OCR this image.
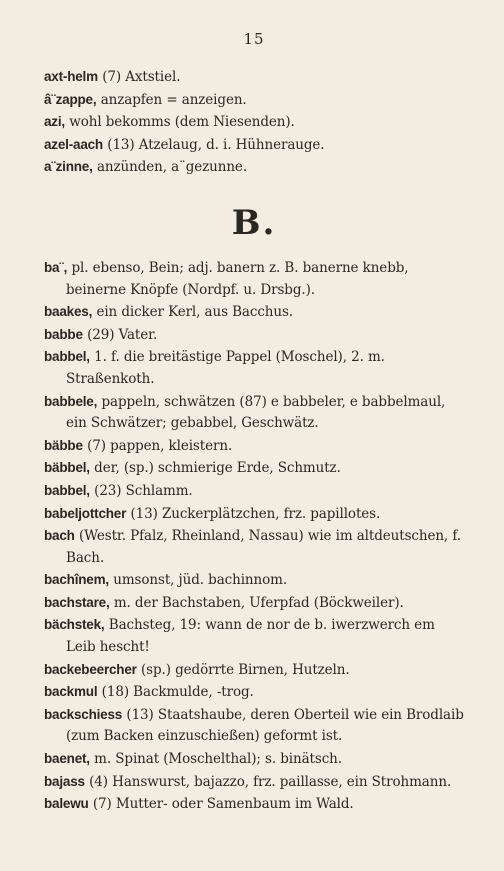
15

axt-helm (7) Axtstiel.

â¨zappe, anzapfen = anzeigen.

azi, wohl bekomms (dem Niesenden).

azel-aach (13) Atzelaug, d. i. Hühnerauge.

a¨zinne, anzünden, a¨gezunne.

B.

ba¨, pl. ebenso, Bein; adj. banern z. B. banerne knebb, beinerne Knöpfe (Nordpf. u. Drsbg.).

baakes, ein dicker Kerl, aus Bacchus.

babbe (29) Vater.

babbel, 1. f. die breitästige Pappel (Moschel), 2. m. Straßenkoth.

babbele, pappeln, schwätzen (87) e babbeler, e babbelmaul, ein Schwätzer; gebabbel, Geschwätz.

bäbbe (7) pappen, kleistern.

bäbbel, der, (sp.) schmierige Erde, Schmutz.

babbel, (23) Schlamm.

babeljottcher (13) Zuckerplätzchen, frz. papillotes.

bach (Westr. Pfalz, Rheinland, Nassau) wie im altdeutschen, f. Bach.

bachînem, umsonst, jüd. bachinnom.

bachstare, m. der Bachstaben, Uferpfad (Böckweiler).

bächstek, Bachsteg, 19: wann de nor de b. iwerzwerch em Leib hescht!

backebeercher (sp.) gedörrte Birnen, Hutzeln.

backmul (18) Backmulde, -trog.

backschiess (13) Staatshaube, deren Oberteil wie ein Brodlaib (zum Backen einzuschießen) geformt ist.

baenet, m. Spinat (Moschelthal); s. binätsch.

bajass (4) Hanswurst, bajazzo, frz. paillasse, ein Strohmann.

balewu (7) Mutter- oder Samenbaum im Wald.
